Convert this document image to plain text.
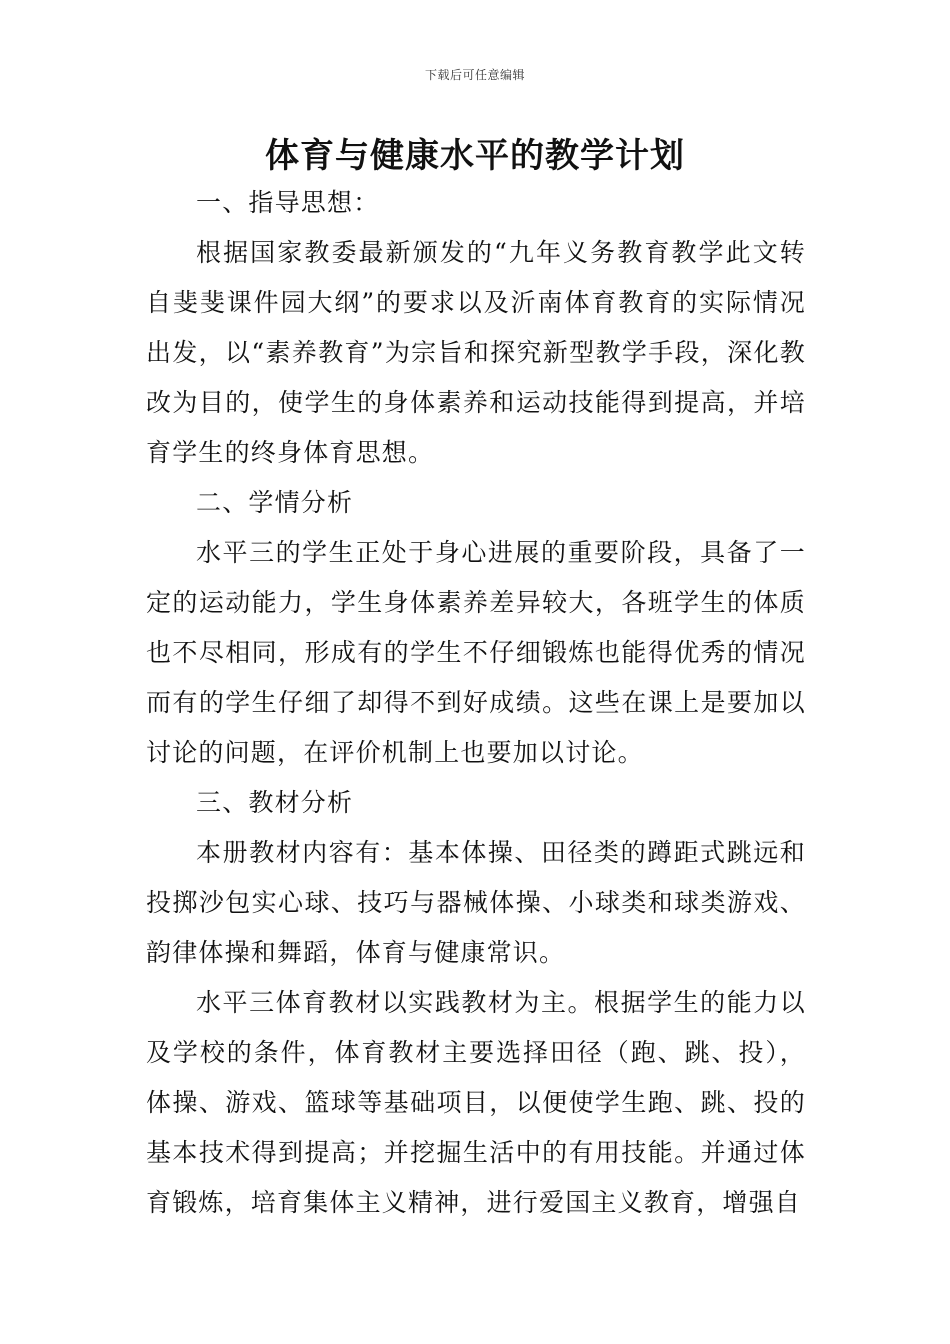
下载后可任意编辑
体育与健康水平的教学计划

一、指导思想：

根据国家教委最新颁发的“九年义务教育教学此文转自斐斐课件园大纲”的要求以及沂南体育教育的实际情况出发，以“素养教育”为宗旨和探究新型教学手段，深化教改为目的，使学生的身体素养和运动技能得到提高，并培育学生的终身体育思想。

二、学情分析

水平三的学生正处于身心进展的重要阶段，具备了一定的运动能力，学生身体素养差异较大，各班学生的体质也不尽相同，形成有的学生不仔细锻炼也能得优秀的情况而有的学生仔细了却得不到好成绩。这些在课上是要加以讨论的问题，在评价机制上也要加以讨论。

三、教材分析

本册教材内容有：基本体操、田径类的蹲距式跳远和投掷沙包实心球、技巧与器械体操、小球类和球类游戏、韵律体操和舞蹈，体育与健康常识。

水平三体育教材以实践教材为主。根据学生的能力以及学校的条件，体育教材主要选择田径（跑、跳、投），体操、游戏、篮球等基础项目，以便使学生跑、跳、投的基本技术得到提高；并挖掘生活中的有用技能。并通过体育锻炼，培育集体主义精神，进行爱国主义教育，增强自
